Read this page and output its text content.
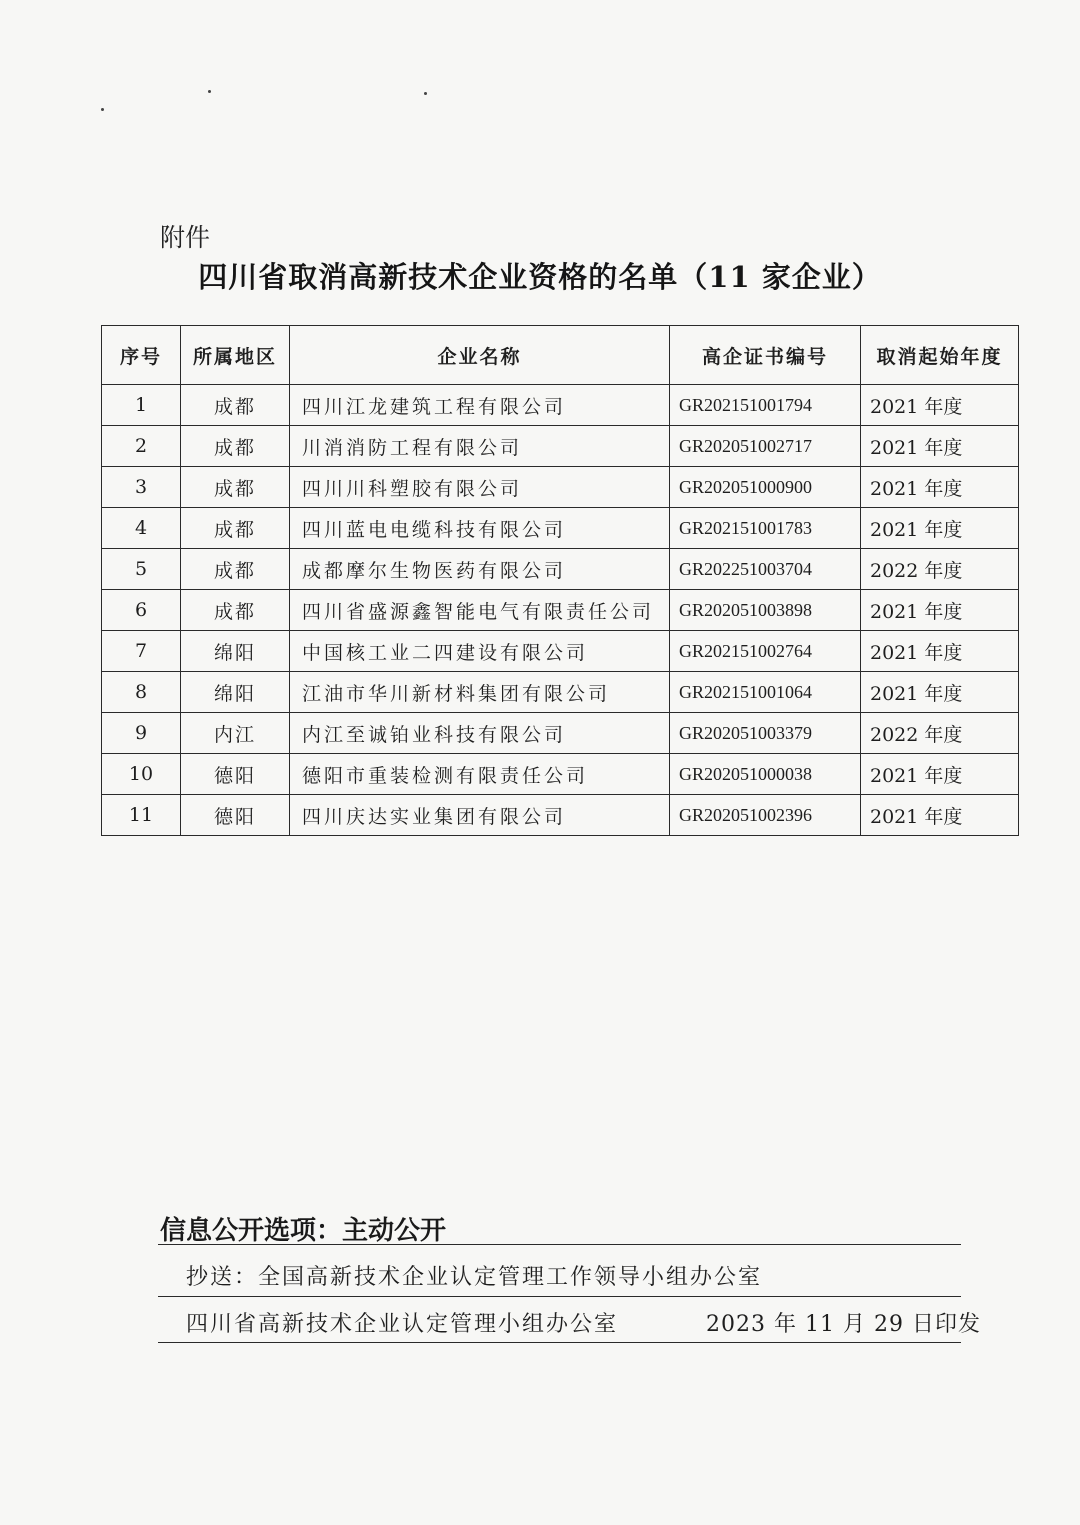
附件
四川省取消高新技术企业资格的名单（11 家企业）
序号	所属地区	企业名称	高企证书编号	取消起始年度
1	成都	四川江龙建筑工程有限公司	GR202151001794	2021 年度
2	成都	川消消防工程有限公司	GR202051002717	2021 年度
3	成都	四川川科塑胶有限公司	GR202051000900	2021 年度
4	成都	四川蓝电电缆科技有限公司	GR202151001783	2021 年度
5	成都	成都摩尔生物医药有限公司	GR202251003704	2022 年度
6	成都	四川省盛源鑫智能电气有限责任公司	GR202051003898	2021 年度
7	绵阳	中国核工业二四建设有限公司	GR202151002764	2021 年度
8	绵阳	江油市华川新材料集团有限公司	GR202151001064	2021 年度
9	内江	内江至诚铂业科技有限公司	GR202051003379	2022 年度
10	德阳	德阳市重装检测有限责任公司	GR202051000038	2021 年度
11	德阳	四川庆达实业集团有限公司	GR202051002396	2021 年度
信息公开选项：主动公开
抄送：全国高新技术企业认定管理工作领导小组办公室
四川省高新技术企业认定管理小组办公室	2023 年 11 月 29 日印发
